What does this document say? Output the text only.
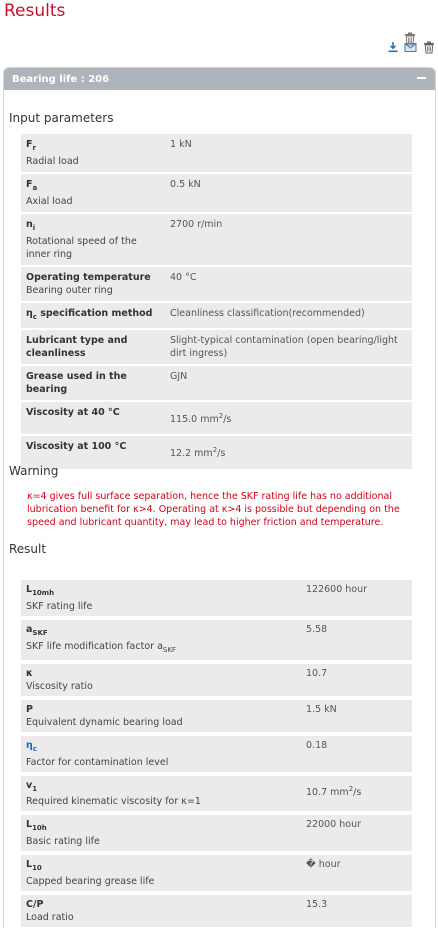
Results
Bearing life : 206
Input parameters
$F_r$
Radial load	1 kN

$F_a$
Axial load	0.5 kN

$n_i$
Rotational speed of the inner ring	2700 r/min

Operating temperature
Bearing outer ring	40 °C

$\eta_c$ specification method	Cleanliness classification(recommended)

Lubricant type and cleanliness	Slight-typical contamination (open bearing/light dirt ingress)

Grease used in the bearing	GJN

Viscosity at 40 °C	115.0 $mm^2/s$

Viscosity at 100 °C	12.2 $mm^2/s$
Warning
κ=4 gives full surface separation, hence the SKF rating life has no additional lubrication benefit for κ>4. Operating at κ>4 is possible but depending on the speed and lubricant quantity, may lead to higher friction and temperature.
Result
$L_{10mh}$
SKF rating life	122600 hour

$a_{SKF}$
SKF life modification factor $a_{SKF}$	5.58

κ
Viscosity ratio	10.7

P
Equivalent dynamic bearing load	1.5 kN

$\eta_c$
Factor for contamination level	0.18

$v_1$
Required kinematic viscosity for κ=1	10.7 $mm^2/s$

$L_{10h}$
Basic rating life	22000 hour

$L_{10}$
Capped bearing grease life	� hour

C/P
Load ratio	15.3
